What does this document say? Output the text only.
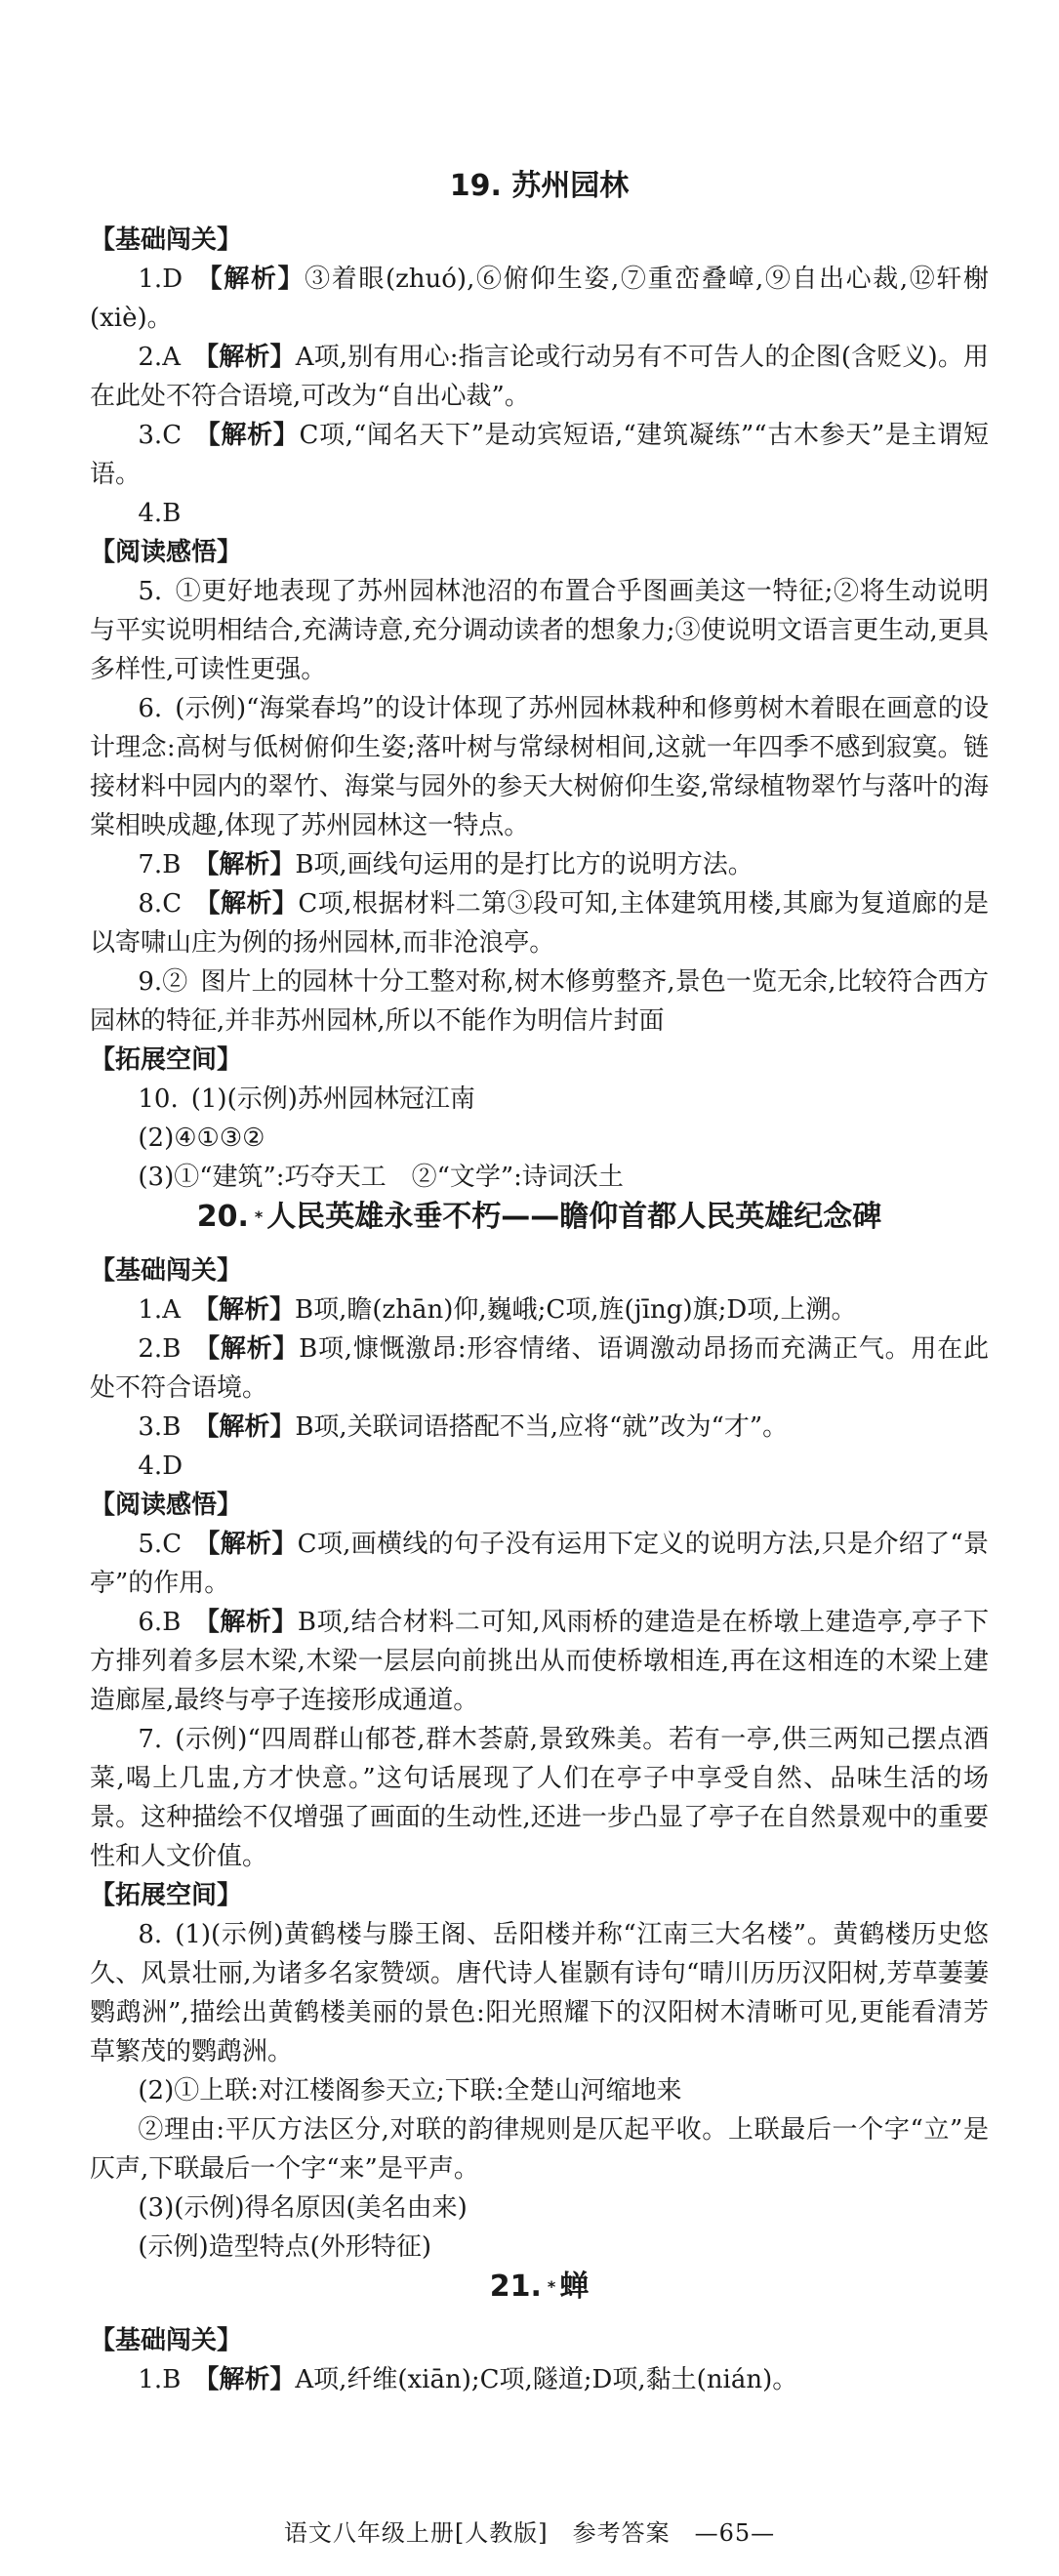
19. 苏州园林
【基础闯关】

1.D  【解析】③着眼(zhuó),⑥俯仰生姿,⑦重峦叠嶂,⑨自出心裁,⑫轩榭(xiè)。

2.A  【解析】A项,别有用心:指言论或行动另有不可告人的企图(含贬义)。用在此处不符合语境,可改为“自出心裁”。

3.C  【解析】C项,“闻名天下”是动宾短语,“建筑凝练”“古木参天”是主谓短语。

4.B 

【阅读感悟】

5.  ①更好地表现了苏州园林池沼的布置合乎图画美这一特征;②将生动说明与平实说明相结合,充满诗意,充分调动读者的想象力;③使说明文语言更生动,更具多样性,可读性更强。

6.  (示例)“海棠春坞”的设计体现了苏州园林栽种和修剪树木着眼在画意的设计理念:高树与低树俯仰生姿;落叶树与常绿树相间,这就一年四季不感到寂寞。链接材料中园内的翠竹、海棠与园外的参天大树俯仰生姿,常绿植物翠竹与落叶的海棠相映成趣,体现了苏州园林这一特点。

7.B  【解析】B项,画线句运用的是打比方的说明方法。

8.C  【解析】C项,根据材料二第③段可知,主体建筑用楼,其廊为复道廊的是以寄啸山庄为例的扬州园林,而非沧浪亭。

9.②  图片上的园林十分工整对称,树木修剪整齐,景色一览无余,比较符合西方园林的特征,并非苏州园林,所以不能作为明信片封面

【拓展空间】

10.  (1)(示例)苏州园林冠江南

(2)④①③②

(3)①“建筑”:巧夺天工　②“文学”:诗词沃土

20. * 人民英雄永垂不朽——瞻仰首都人民英雄纪念碑
【基础闯关】

1.A  【解析】B项,瞻(zhān)仰,巍峨;C项,旌(jīng)旗;D项,上溯。

2.B  【解析】B项,慷慨激昂:形容情绪、语调激动昂扬而充满正气。用在此处不符合语境。

3.B  【解析】B项,关联词语搭配不当,应将“就”改为“才”。

4.D 

【阅读感悟】

5.C  【解析】C项,画横线的句子没有运用下定义的说明方法,只是介绍了“景亭”的作用。

6.B  【解析】B项,结合材料二可知,风雨桥的建造是在桥墩上建造亭,亭子下方排列着多层木梁,木梁一层层向前挑出从而使桥墩相连,再在这相连的木梁上建造廊屋,最终与亭子连接形成通道。

7.  (示例)“四周群山郁苍,群木荟蔚,景致殊美。若有一亭,供三两知己摆点酒菜,喝上几盅,方才快意。”这句话展现了人们在亭子中享受自然、品味生活的场景。这种描绘不仅增强了画面的生动性,还进一步凸显了亭子在自然景观中的重要性和人文价值。

【拓展空间】

8.  (1)(示例)黄鹤楼与滕王阁、岳阳楼并称“江南三大名楼”。黄鹤楼历史悠久、风景壮丽,为诸多名家赞颂。唐代诗人崔颢有诗句“晴川历历汉阳树,芳草萋萋鹦鹉洲”,描绘出黄鹤楼美丽的景色:阳光照耀下的汉阳树木清晰可见,更能看清芳草繁茂的鹦鹉洲。

(2)①上联:对江楼阁参天立;下联:全楚山河缩地来

②理由:平仄方法区分,对联的韵律规则是仄起平收。上联最后一个字“立”是仄声,下联最后一个字“来”是平声。

(3)(示例)得名原因(美名由来)

(示例)造型特点(外形特征)

21. * 蝉
【基础闯关】

1.B  【解析】A项,纤维(xiān);C项,隧道;D项,黏土(nián)。

语文八年级上册[人教版]　参考答案　—65—
